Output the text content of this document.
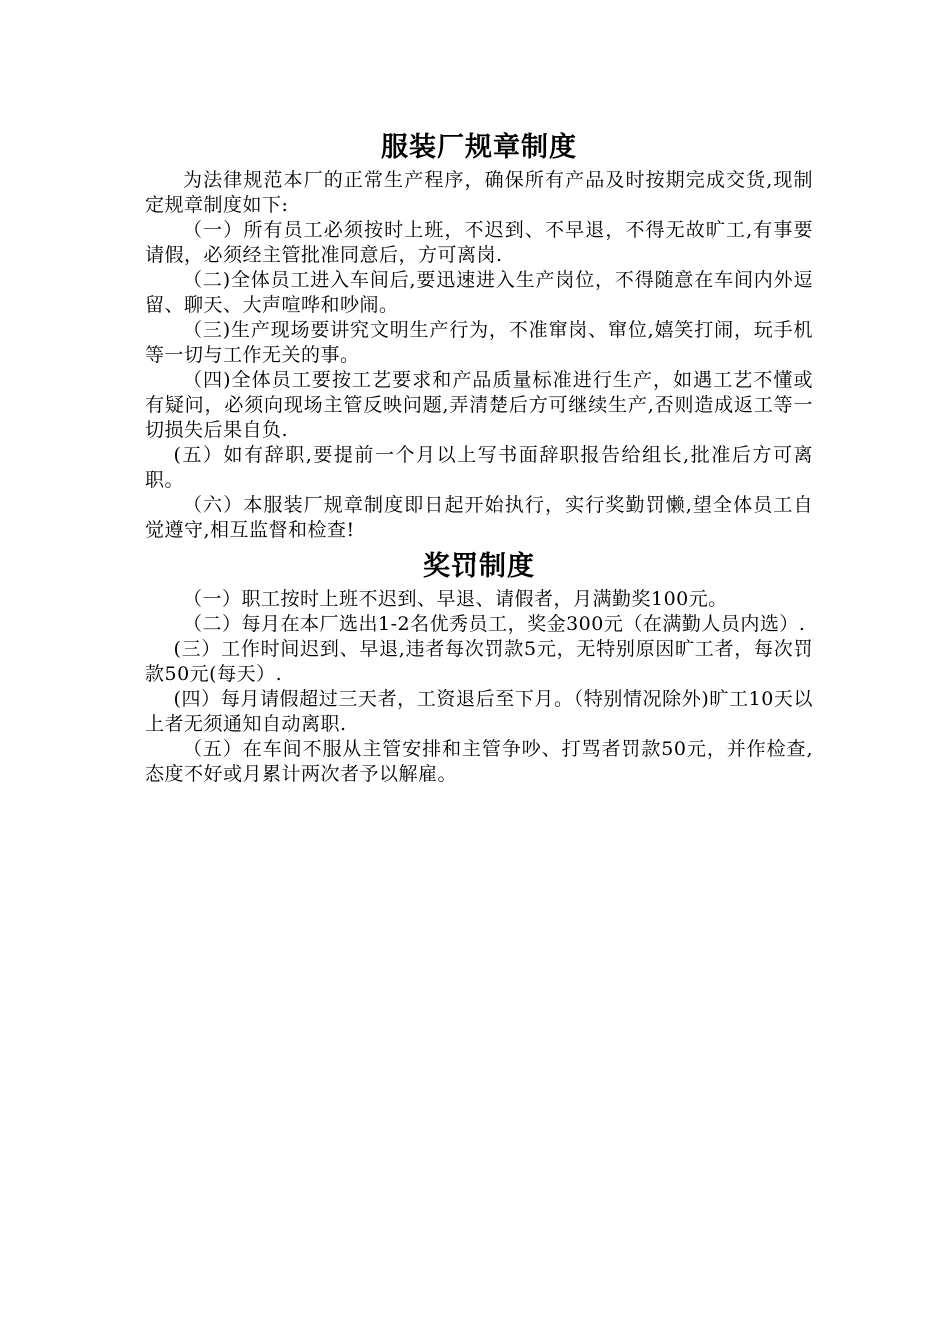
服装厂规章制度

为法律规范本厂的正常生产程序，确保所有产品及时按期完成交货,现制定规章制度如下:

（一）所有员工必须按时上班，不迟到、不早退，不得无故旷工,有事要请假，必须经主管批准同意后，方可离岗.

（二)全体员工进入车间后,要迅速进入生产岗位，不得随意在车间内外逗留、聊天、大声喧哗和吵闹。

（三)生产现场要讲究文明生产行为，不准窜岗、窜位,嬉笑打闹，玩手机等一切与工作无关的事。

（四)全体员工要按工艺要求和产品质量标准进行生产，如遇工艺不懂或有疑问，必须向现场主管反映问题,弄清楚后方可继续生产,否则造成返工等一切损失后果自负.

(五）如有辞职,要提前一个月以上写书面辞职报告给组长,批准后方可离职。

（六）本服装厂规章制度即日起开始执行，实行奖勤罚懒,望全体员工自觉遵守,相互监督和检查!

奖罚制度

（一）职工按时上班不迟到、早退、请假者，月满勤奖100元。

（二）每月在本厂选出1-2名优秀员工，奖金300元（在满勤人员内选）.

(三）工作时间迟到、早退,违者每次罚款5元，无特别原因旷工者，每次罚款50元(每天）.

(四）每月请假超过三天者，工资退后至下月。（特别情况除外)旷工10天以上者无须通知自动离职.

（五）在车间不服从主管安排和主管争吵、打骂者罚款50元，并作检查,态度不好或月累计两次者予以解雇。
